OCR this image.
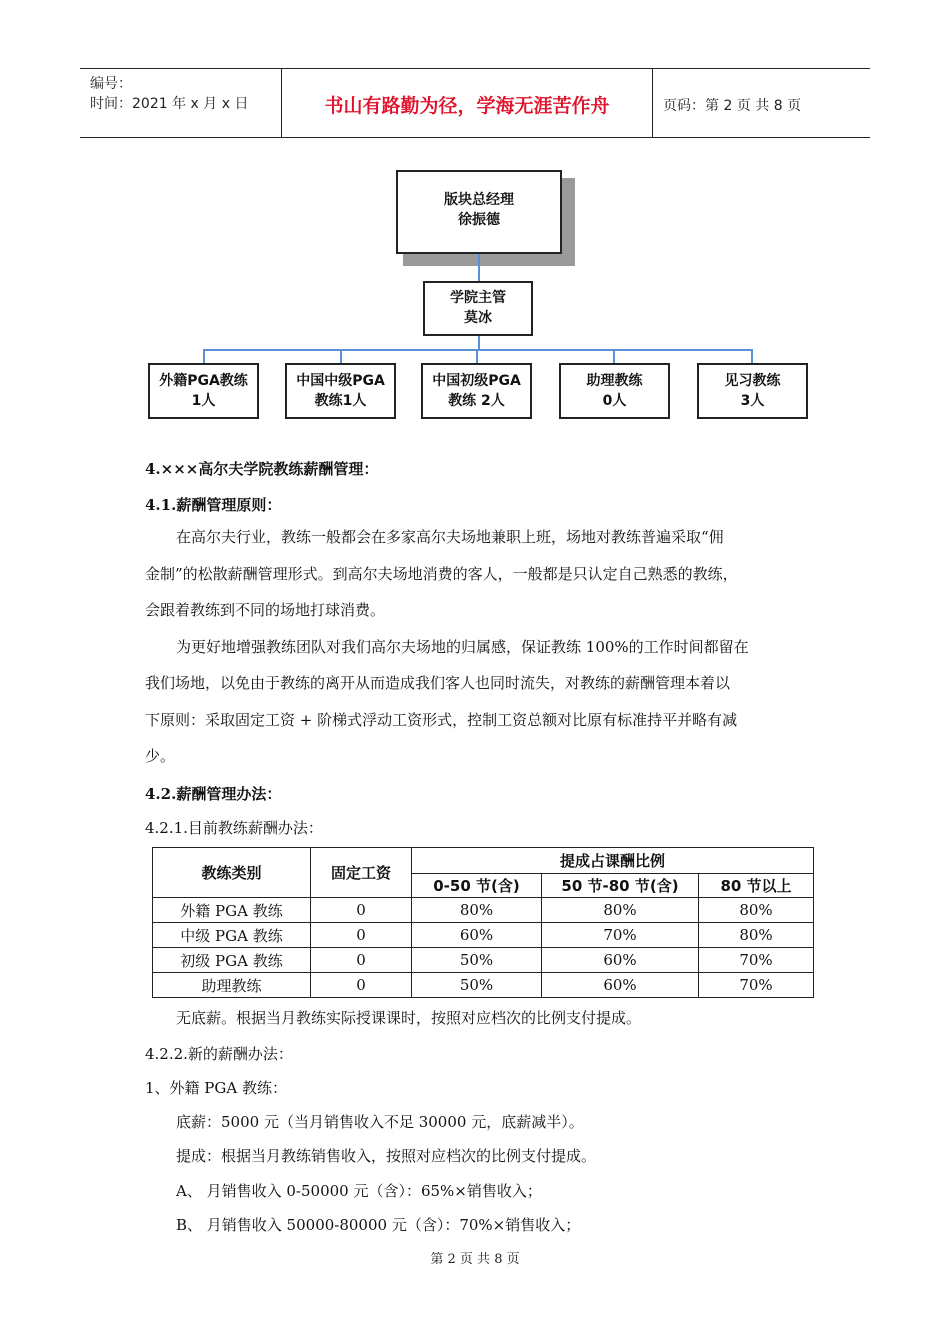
编号：
时间：2021 年 x 月 x 日	书山有路勤为径，学海无涯苦作舟	页码：第 2 页 共 8 页
版块总经理
徐振德
学院主管
莫冰
外籍PGA教练
1人
中国中级PGA
教练1人
中国初级PGA
教练 2人
助理教练
0人
见习教练
3人
4.×××高尔夫学院教练薪酬管理：
4.1.薪酬管理原则：
在高尔夫行业，教练一般都会在多家高尔夫场地兼职上班，场地对教练普遍采取“佣
金制”的松散薪酬管理形式。到高尔夫场地消费的客人，一般都是只认定自己熟悉的教练，
会跟着教练到不同的场地打球消费。
为更好地增强教练团队对我们高尔夫场地的归属感，保证教练 100%的工作时间都留在
我们场地，以免由于教练的离开从而造成我们客人也同时流失，对教练的薪酬管理本着以
下原则：采取固定工资 + 阶梯式浮动工资形式，控制工资总额对比原有标准持平并略有减
少。
4.2.薪酬管理办法：
4.2.1.目前教练薪酬办法：
教练类别	固定工资	提成占课酬比例		
		0-50 节(含)	50 节-80 节(含)	80 节以上
外籍 PGA 教练	0	80%	80%	80%
中级 PGA 教练	0	60%	70%	80%
初级 PGA 教练	0	50%	60%	70%
助理教练	0	50%	60%	70%
无底薪。根据当月教练实际授课课时，按照对应档次的比例支付提成。
4.2.2.新的薪酬办法：
1、外籍 PGA 教练：
底薪：5000 元（当月销售收入不足 30000 元，底薪减半）。
提成：根据当月教练销售收入，按照对应档次的比例支付提成。
A、 月销售收入 0-50000 元（含）：65%×销售收入；
B、 月销售收入 50000-80000 元（含）：70%×销售收入；
第 2 页 共 8 页
